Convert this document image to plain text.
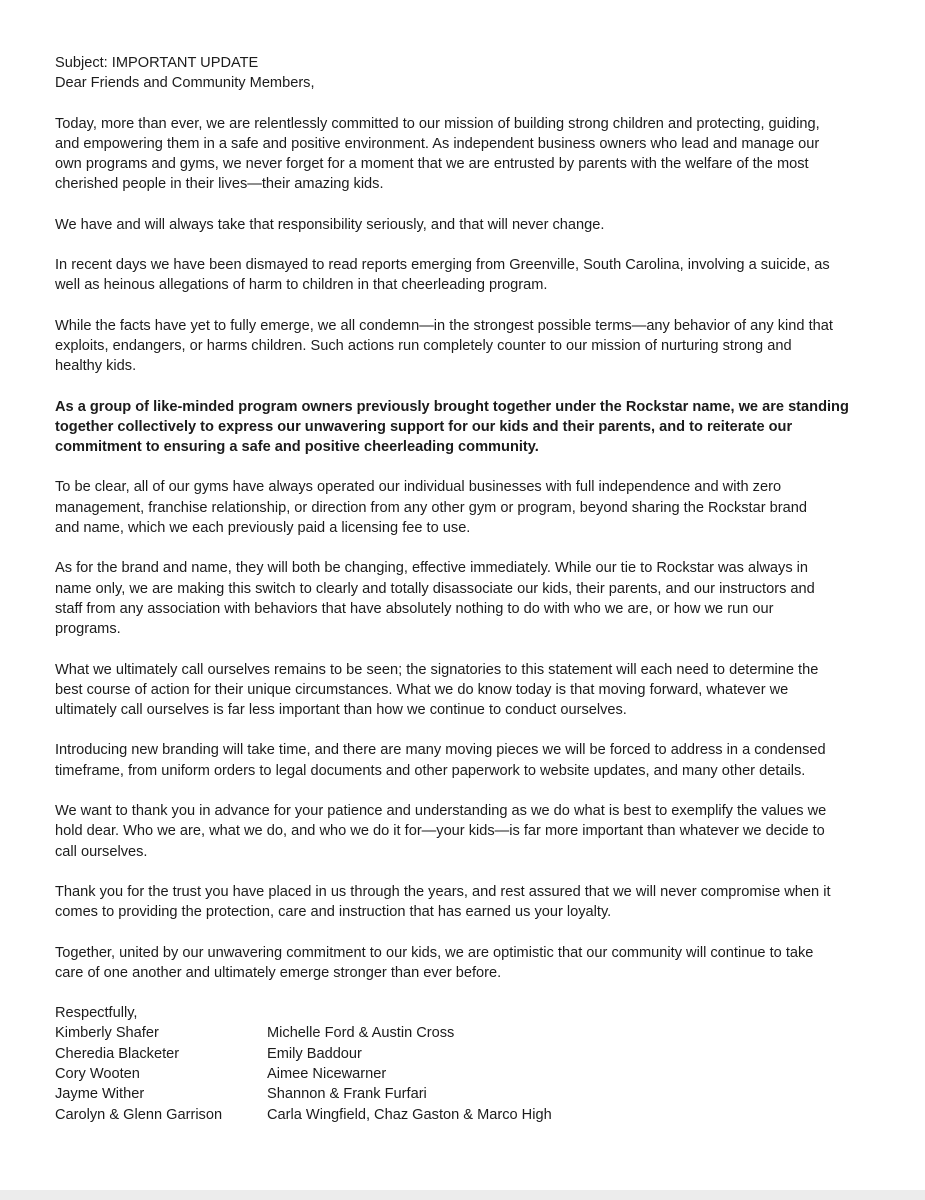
Subject: IMPORTANT UPDATE

Dear Friends and Community Members,

Today, more than ever, we are relentlessly committed to our mission of building strong children and protecting, guiding,

and empowering them in a safe and positive environment. As independent business owners who lead and manage our

own programs and gyms, we never forget for a moment that we are entrusted by parents with the welfare of the most

cherished people in their lives—their amazing kids.

We have and will always take that responsibility seriously, and that will never change.

In recent days we have been dismayed to read reports emerging from Greenville, South Carolina, involving a suicide, as

well as heinous allegations of harm to children in that cheerleading program.

While the facts have yet to fully emerge, we all condemn—in the strongest possible terms—any behavior of any kind that

exploits, endangers, or harms children. Such actions run completely counter to our mission of nurturing strong and

healthy kids.

As a group of like-minded program owners previously brought together under the Rockstar name, we are standing

together collectively to express our unwavering support for our kids and their parents, and to reiterate our

commitment to ensuring a safe and positive cheerleading community.

To be clear, all of our gyms have always operated our individual businesses with full independence and with zero

management, franchise relationship, or direction from any other gym or program, beyond sharing the Rockstar brand

and name, which we each previously paid a licensing fee to use.

As for the brand and name, they will both be changing, effective immediately. While our tie to Rockstar was always in

name only, we are making this switch to clearly and totally disassociate our kids, their parents, and our instructors and

staff from any association with behaviors that have absolutely nothing to do with who we are, or how we run our

programs.

What we ultimately call ourselves remains to be seen; the signatories to this statement will each need to determine the

best course of action for their unique circumstances. What we do know today is that moving forward, whatever we

ultimately call ourselves is far less important than how we continue to conduct ourselves.

Introducing new branding will take time, and there are many moving pieces we will be forced to address in a condensed

timeframe, from uniform orders to legal documents and other paperwork to website updates, and many other details.

We want to thank you in advance for your patience and understanding as we do what is best to exemplify the values we

hold dear. Who we are, what we do, and who we do it for—your kids—is far more important than whatever we decide to

call ourselves.

Thank you for the trust you have placed in us through the years, and rest assured that we will never compromise when it

comes to providing the protection, care and instruction that has earned us your loyalty.

Together, united by our unwavering commitment to our kids, we are optimistic that our community will continue to take

care of one another and ultimately emerge stronger than ever before.

Respectfully,

Kimberly Shafer	Michelle Ford & Austin Cross
Cheredia Blacketer	Emily Baddour
Cory Wooten	Aimee Nicewarner
Jayme Wither	Shannon & Frank Furfari
Carolyn & Glenn Garrison	Carla Wingfield, Chaz Gaston & Marco High
